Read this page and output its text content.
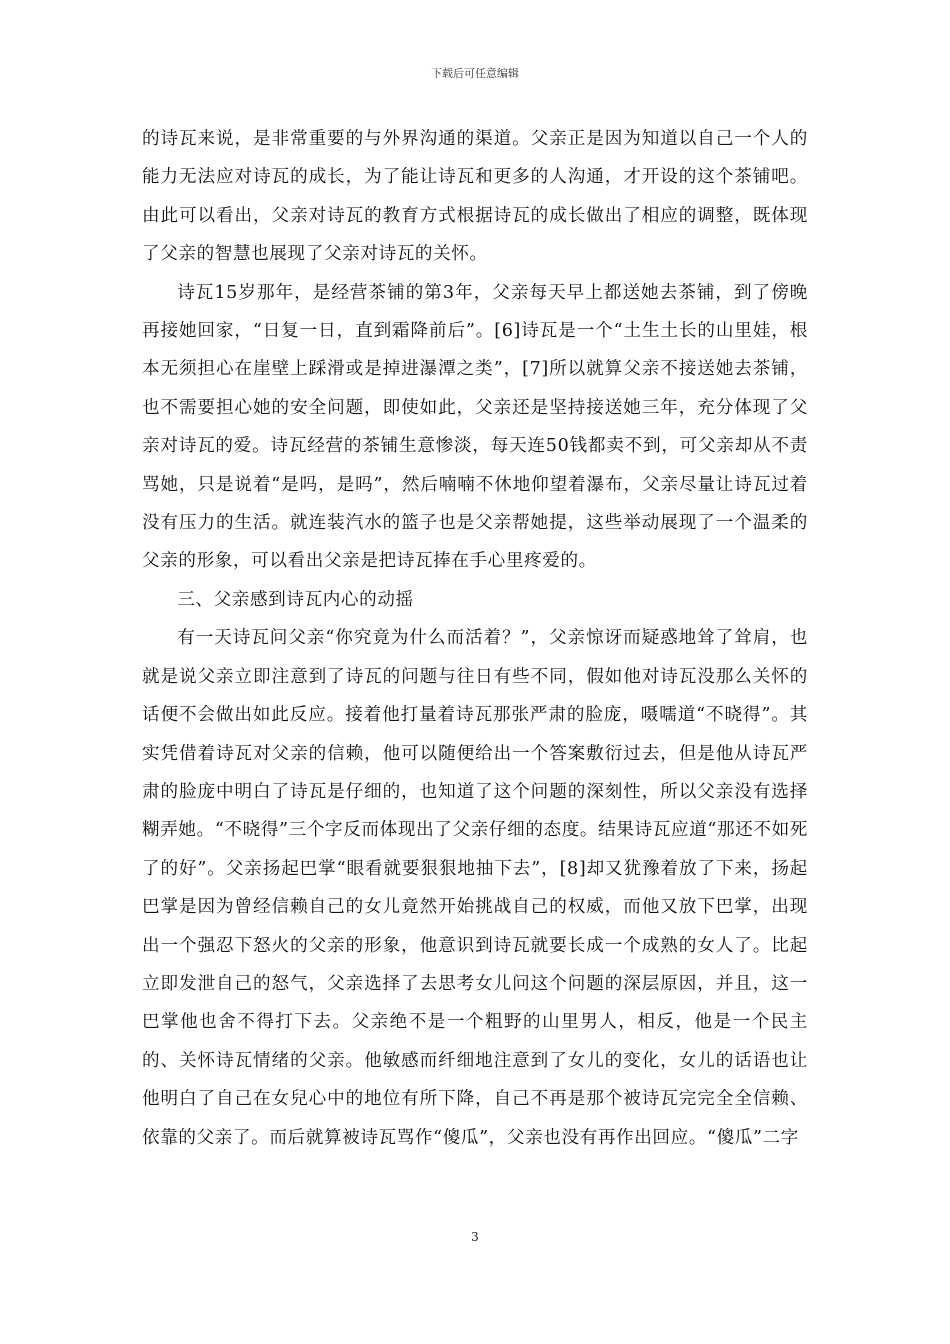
下载后可任意编辑

的诗瓦来说，是非常重要的与外界沟通的渠道。父亲正是因为知道以自己一个人的能力无法应对诗瓦的成长，为了能让诗瓦和更多的人沟通，才开设的这个茶铺吧。由此可以看出，父亲对诗瓦的教育方式根据诗瓦的成长做出了相应的调整，既体现了父亲的智慧也展现了父亲对诗瓦的关怀。

诗瓦15岁那年，是经营茶铺的第3年，父亲每天早上都送她去茶铺，到了傍晚再接她回家，“日复一日，直到霜降前后”。[6]诗瓦是一个“土生土长的山里娃，根本无须担心在崖壁上踩滑或是掉进瀑潭之类”，[7]所以就算父亲不接送她去茶铺，也不需要担心她的安全问题，即使如此，父亲还是坚持接送她三年，充分体现了父亲对诗瓦的爱。诗瓦经营的茶铺生意惨淡，每天连50钱都卖不到，可父亲却从不责骂她，只是说着“是吗，是吗”，然后喃喃不休地仰望着瀑布，父亲尽量让诗瓦过着没有压力的生活。就连装汽水的篮子也是父亲帮她提，这些举动展现了一个温柔的父亲的形象，可以看出父亲是把诗瓦捧在手心里疼爱的。

三、父亲感到诗瓦内心的动摇

有一天诗瓦问父亲“你究竟为什么而活着？”，父亲惊讶而疑惑地耸了耸肩，也就是说父亲立即注意到了诗瓦的问题与往日有些不同，假如他对诗瓦没那么关怀的话便不会做出如此反应。接着他打量着诗瓦那张严肃的脸庞，嗫嚅道“不晓得”。其实凭借着诗瓦对父亲的信赖，他可以随便给出一个答案敷衍过去，但是他从诗瓦严肃的脸庞中明白了诗瓦是仔细的，也知道了这个问题的深刻性，所以父亲没有选择糊弄她。“不晓得”三个字反而体现出了父亲仔细的态度。结果诗瓦应道“那还不如死了的好”。父亲扬起巴掌“眼看就要狠狠地抽下去”，[8]却又犹豫着放了下来，扬起巴掌是因为曾经信赖自己的女儿竟然开始挑战自己的权威，而他又放下巴掌，出现出一个强忍下怒火的父亲的形象，他意识到诗瓦就要长成一个成熟的女人了。比起立即发泄自己的怒气，父亲选择了去思考女儿问这个问题的深层原因，并且，这一巴掌他也舍不得打下去。父亲绝不是一个粗野的山里男人，相反，他是一个民主的、关怀诗瓦情绪的父亲。他敏感而纤细地注意到了女儿的变化，女儿的话语也让他明白了自己在女兒心中的地位有所下降，自己不再是那个被诗瓦完完全全信赖、依靠的父亲了。而后就算被诗瓦骂作“傻瓜”，父亲也没有再作出回应。“傻瓜”二字

3
